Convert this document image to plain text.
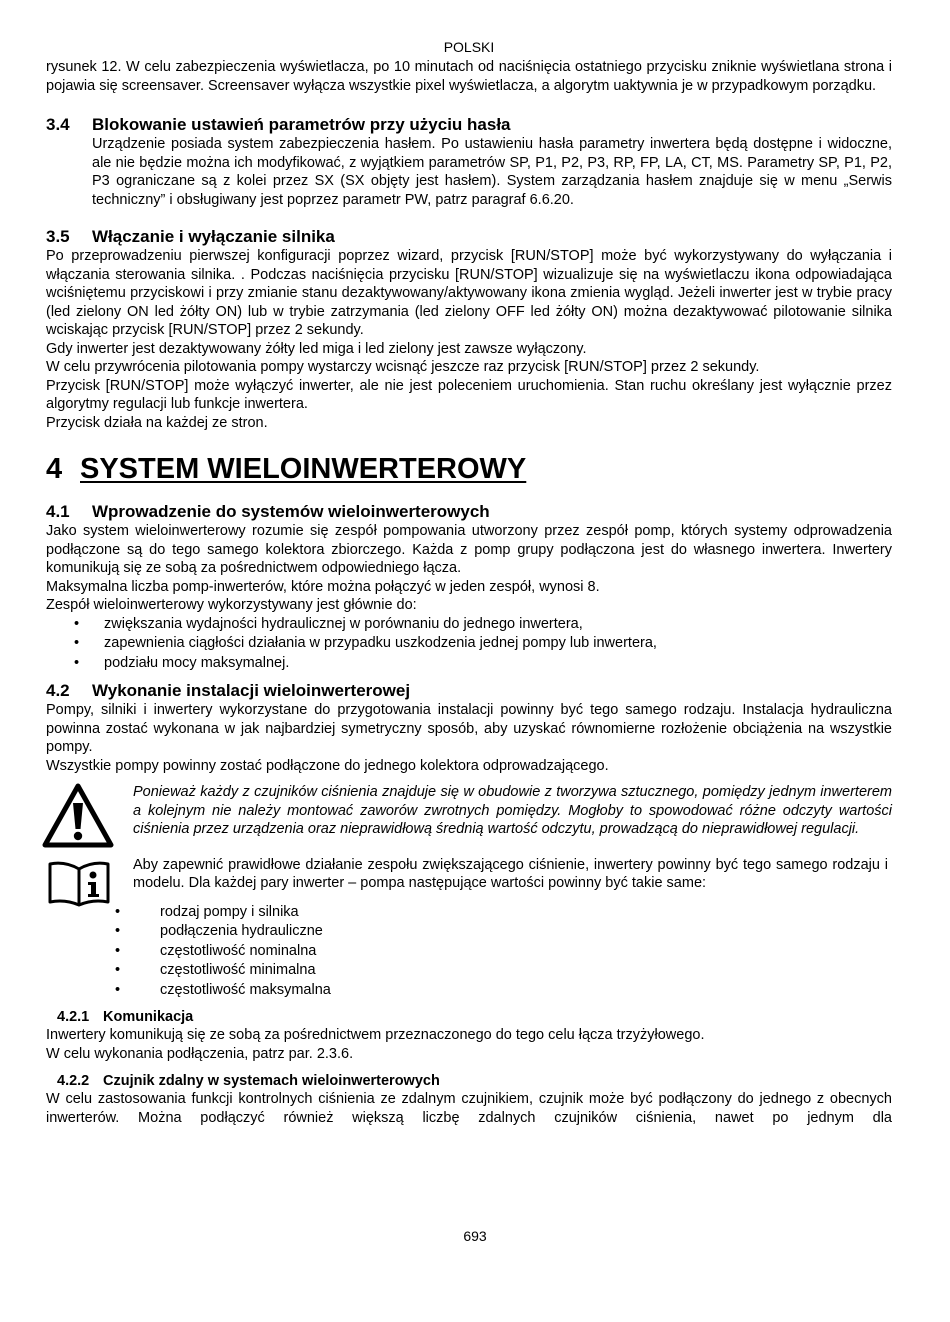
POLSKI

rysunek 12. W celu zabezpieczenia wyświetlacza, po 10 minutach od naciśnięcia ostatniego przycisku zniknie wyświetlana strona i pojawia się screensaver. Screensaver wyłącza wszystkie pixel wyświetlacza, a algorytm uaktywnia je w przypadkowym porządku.

3.4 Blokowanie ustawień parametrów przy użyciu hasła

Urządzenie posiada system zabezpieczenia hasłem. Po ustawieniu hasła parametry inwertera będą dostępne i widoczne, ale nie będzie można ich modyfikować, z wyjątkiem parametrów SP, P1, P2, P3, RP, FP, LA, CT, MS. Parametry SP, P1, P2, P3 ograniczane są z kolei przez SX (SX objęty jest hasłem). System zarządzania hasłem znajduje się w menu „Serwis techniczny” i obsługiwany jest poprzez parametr PW, patrz paragraf 6.6.20.

3.5 Włączanie i wyłączanie silnika

Po przeprowadzeniu pierwszej konfiguracji poprzez wizard, przycisk [RUN/STOP] może być wykorzystywany do wyłączania i włączania sterowania silnika. . Podczas naciśnięcia przycisku [RUN/STOP] wizualizuje się na wyświetlaczu ikona odpowiadająca wciśniętemu przyciskowi i przy zmianie stanu dezaktywowany/aktywowany ikona zmienia wygląd. Jeżeli inwerter jest w trybie pracy (led zielony ON led żółty ON) lub w trybie zatrzymania (led zielony OFF led żółty ON) można dezaktywować pilotowanie silnika wciskając przycisk [RUN/STOP] przez 2 sekundy.

Gdy inwerter jest dezaktywowany żółty led miga i led zielony jest zawsze wyłączony.

W celu przywrócenia pilotowania pompy wystarczy wcisnąć jeszcze raz przycisk [RUN/STOP] przez 2 sekundy.

Przycisk [RUN/STOP] może wyłączyć inwerter, ale nie jest poleceniem uruchomienia. Stan ruchu określany jest wyłącznie przez algorytmy regulacji lub funkcje inwertera.

Przycisk działa na każdej ze stron.

4 SYSTEM WIELOINWERTEROWY
4.1 Wprowadzenie do systemów wieloinwerterowych

Jako system wieloinwerterowy rozumie się zespół pompowania utworzony przez zespół pomp, których systemy odprowadzenia podłączone są do tego samego kolektora zbiorczego. Każda z pomp grupy podłączona jest do własnego inwertera. Inwertery komunikują się ze sobą za pośrednictwem odpowiedniego łącza.

Maksymalna liczba pomp-inwerterów, które można połączyć w jeden zespół, wynosi 8.

Zespół wieloinwerterowy wykorzystywany jest głównie do:

• zwiększania wydajności hydraulicznej w porównaniu do jednego inwertera,
• zapewnienia ciągłości działania w przypadku uszkodzenia jednej pompy lub inwertera,
• podziału mocy maksymalnej.
4.2 Wykonanie instalacji wieloinwerterowej

Pompy, silniki i inwertery wykorzystane do przygotowania instalacji powinny być tego samego rodzaju. Instalacja hydrauliczna powinna zostać wykonana w jak najbardziej symetryczny sposób, aby uzyskać równomierne rozłożenie obciążenia na wszystkie pompy.

Wszystkie pompy powinny zostać podłączone do jednego kolektora odprowadzającego.

Ponieważ każdy z czujników ciśnienia znajduje się w obudowie z tworzywa sztucznego, pomiędzy jednym inwerterem a kolejnym nie należy montować zaworów zwrotnych pomiędzy. Mogłoby to spowodować różne odczyty wartości ciśnienia przez urządzenia oraz nieprawidłową średnią wartość odczytu, prowadzącą do nieprawidłowej regulacji.

Aby zapewnić prawidłowe działanie zespołu zwiększającego ciśnienie, inwertery powinny być tego samego rodzaju i modelu. Dla każdej pary inwerter – pompa następujące wartości powinny być takie same:

• rodzaj pompy i silnika
• podłączenia hydrauliczne
• częstotliwość nominalna
• częstotliwość minimalna
• częstotliwość maksymalna
4.2.1 Komunikacja

Inwertery komunikują się ze sobą za pośrednictwem przeznaczonego do tego celu łącza trzyżyłowego.

W celu wykonania podłączenia, patrz par. 2.3.6.

4.2.2 Czujnik zdalny w systemach wieloinwerterowych

W celu zastosowania funkcji kontrolnych ciśnienia ze zdalnym czujnikiem, czujnik może być podłączony do jednego z obecnych inwerterów. Można podłączyć również większą liczbę zdalnych czujników ciśnienia, nawet po jednym dla

693
